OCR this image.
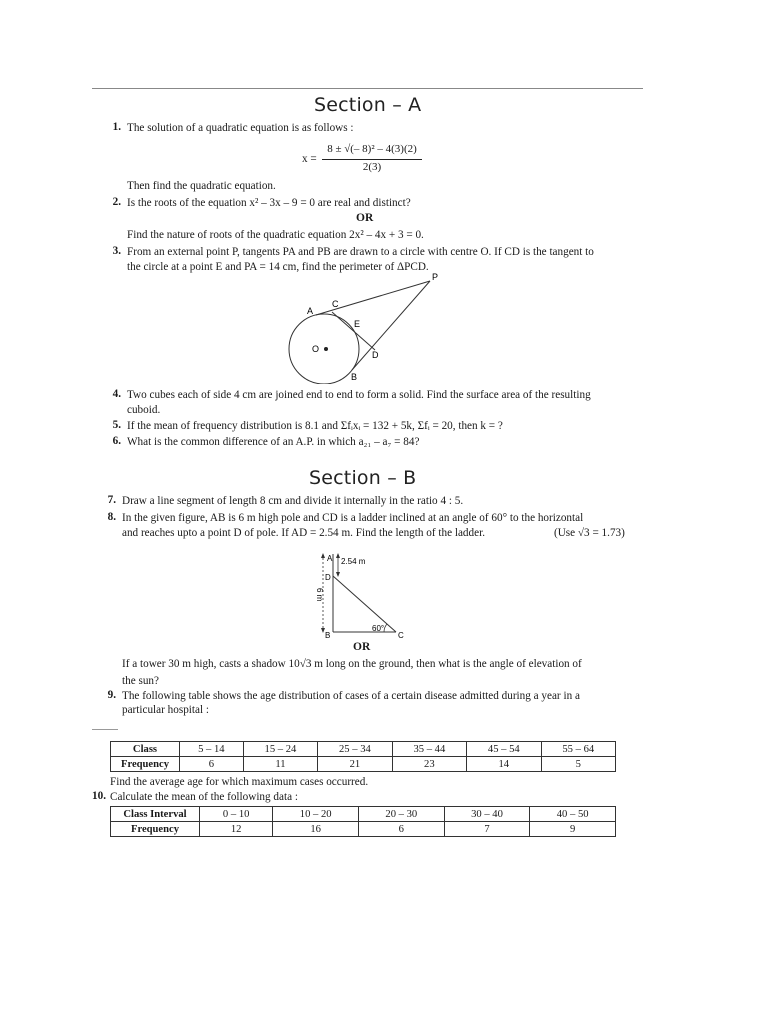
Section – A
1. The solution of a quadratic equation is as follows :
x =
8 ± √(– 8)² – 4(3)(2)
2(3)
Then find the quadratic equation.
2. Is the roots of the equation x² – 3x – 9 = 0 are real and distinct?
OR
Find the nature of roots of the quadratic equation 2x² – 4x + 3 = 0.
3. From an external point P, tangents PA and PB are drawn to a circle with centre O. If CD is the tangent to
the circle at a point E and PA = 14 cm, find the perimeter of ΔPCD.
P
A
C
E
O
D
B
4. Two cubes each of side 4 cm are joined end to end to form a solid. Find the surface area of the resulting
cuboid.
5. If the mean of frequency distribution is 8.1 and Σfᵢxᵢ = 132 + 5k, Σfᵢ = 20, then k = ?
6. What is the common difference of an A.P. in which a₂₁ – a₇ = 84?
Section – B
7. Draw a line segment of length 8 cm and divide it internally in the ratio 4 : 5.
8. In the given figure, AB is 6 m high pole and CD is a ladder inclined at an angle of 60° to the horizontal
and reaches upto a point D of pole. If AD = 2.54 m. Find the length of the ladder.	(Use √3 = 1.73)
A
D
B	C
2.54 m
60°
6 m
OR
If a tower 30 m high, casts a shadow 10√3 m long on the ground, then what is the angle of elevation of
the sun?
9. The following table shows the age distribution of cases of a certain disease admitted during a year in a
particular hospital :
Class	5 – 14	15 – 24	25 – 34	35 – 44	45 – 54	55 – 64
Frequency	6	11	21	23	14	5
Find the average age for which maximum cases occurred.
10. Calculate the mean of the following data :
Class Interval	0 – 10	10 – 20	20 – 30	30 – 40	40 – 50
Frequency	12	16	6	7	9
